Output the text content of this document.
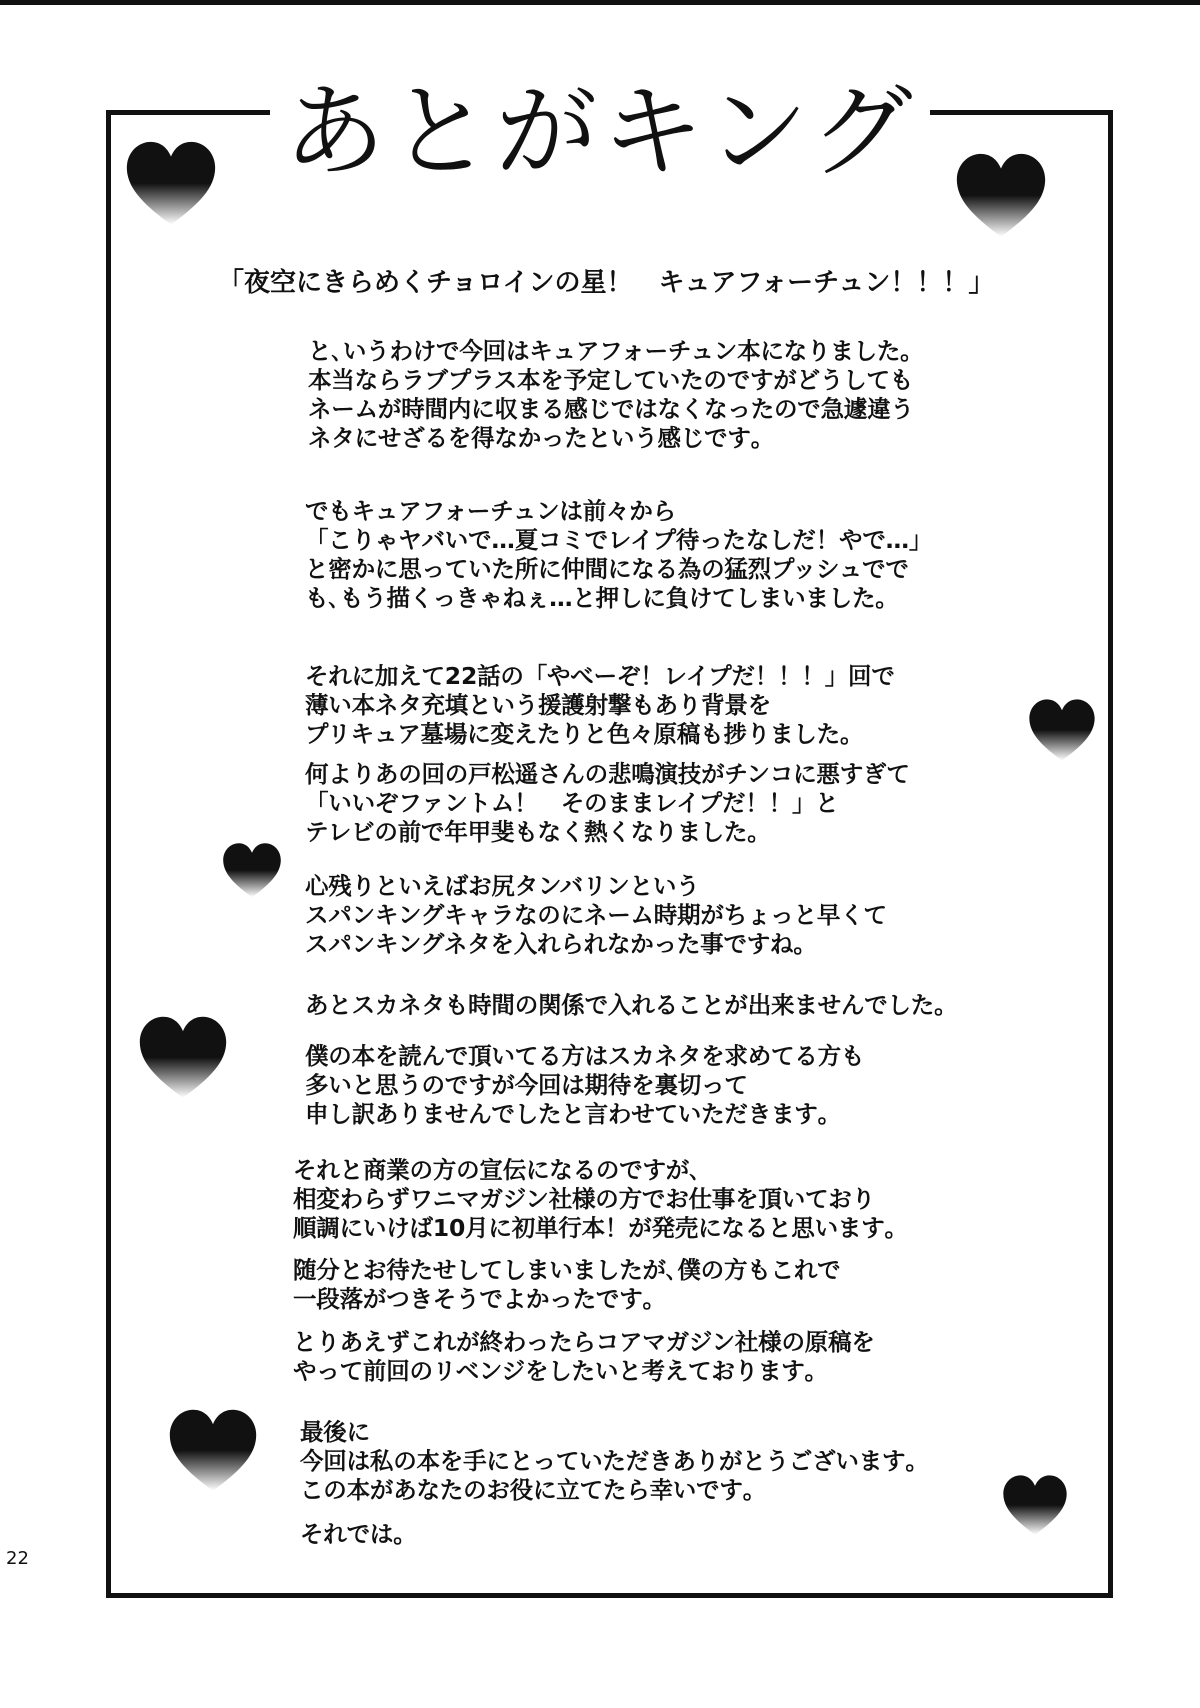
あとがキング
「夜空にきらめくチョロインの星！　キュアフォーチュン！！！」
と､いうわけで今回はキュアフォーチュン本になりました｡
本当ならラブプラス本を予定していたのですがどうしても
ネームが時間内に収まる感じではなくなったので急遽違う
ネタにせざるを得なかったという感じです｡
でもキュアフォーチュンは前々から
「こりゃヤバいで…夏コミでレイプ待ったなしだ！やで…」
と密かに思っていた所に仲間になる為の猛烈プッシュでで
も､もう描くっきゃねぇ…と押しに負けてしまいました｡
それに加えて22話の「やべーぞ！レイプだ！！！」回で
薄い本ネタ充填という援護射撃もあり背景を
プリキュア墓場に変えたりと色々原稿も捗りました｡
何よりあの回の戸松遥さんの悲鳴演技がチンコに悪すぎて
「いいぞファントム！　そのままレイプだ！！」と
テレビの前で年甲斐もなく熱くなりました｡
心残りといえばお尻タンバリンという
スパンキングキャラなのにネーム時期がちょっと早くて
スパンキングネタを入れられなかった事ですね｡
あとスカネタも時間の関係で入れることが出来ませんでした｡
僕の本を読んで頂いてる方はスカネタを求めてる方も
多いと思うのですが今回は期待を裏切って
申し訳ありませんでしたと言わせていただきます｡
それと商業の方の宣伝になるのですが､
相変わらずワニマガジン社様の方でお仕事を頂いており
順調にいけば10月に初単行本！が発売になると思います｡
随分とお待たせしてしまいましたが､僕の方もこれで
一段落がつきそうでよかったです｡
とりあえずこれが終わったらコアマガジン社様の原稿を
やって前回のリベンジをしたいと考えております｡
最後に
今回は私の本を手にとっていただきありがとうございます｡
この本があなたのお役に立てたら幸いです｡
それでは｡
22
